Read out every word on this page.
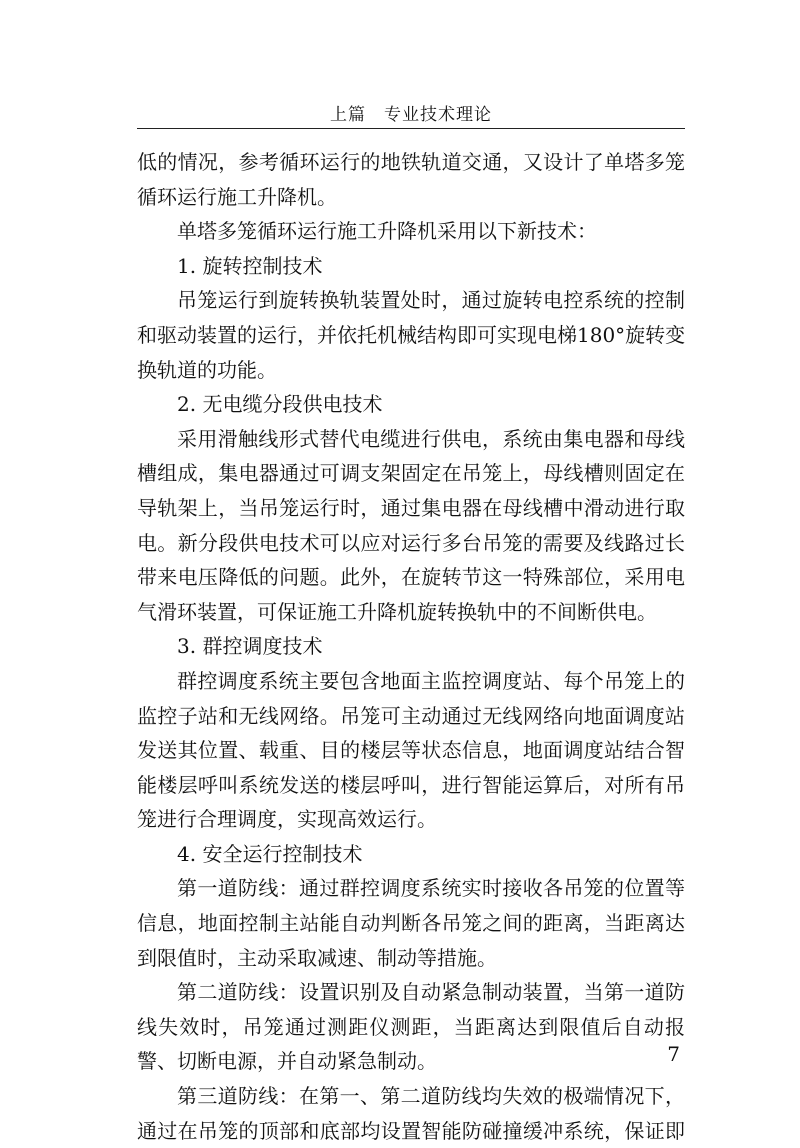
上篇　专业技术理论
低的情况，参考循环运行的地铁轨道交通，又设计了单塔多笼
循环运行施工升降机。
单塔多笼循环运行施工升降机采用以下新技术：
1. 旋转控制技术
吊笼运行到旋转换轨装置处时，通过旋转电控系统的控制
和驱动装置的运行，并依托机械结构即可实现电梯180°旋转变
换轨道的功能。
2. 无电缆分段供电技术
采用滑触线形式替代电缆进行供电，系统由集电器和母线
槽组成，集电器通过可调支架固定在吊笼上，母线槽则固定在
导轨架上，当吊笼运行时，通过集电器在母线槽中滑动进行取
电。新分段供电技术可以应对运行多台吊笼的需要及线路过长
带来电压降低的问题。此外，在旋转节这一特殊部位，采用电
气滑环装置，可保证施工升降机旋转换轨中的不间断供电。
3. 群控调度技术
群控调度系统主要包含地面主监控调度站、每个吊笼上的
监控子站和无线网络。吊笼可主动通过无线网络向地面调度站
发送其位置、载重、目的楼层等状态信息，地面调度站结合智
能楼层呼叫系统发送的楼层呼叫，进行智能运算后，对所有吊
笼进行合理调度，实现高效运行。
4. 安全运行控制技术
第一道防线：通过群控调度系统实时接收各吊笼的位置等
信息，地面控制主站能自动判断各吊笼之间的距离，当距离达
到限值时，主动采取减速、制动等措施。
第二道防线：设置识别及自动紧急制动装置，当第一道防
线失效时，吊笼通过测距仪测距，当距离达到限值后自动报
警、切断电源，并自动紧急制动。
第三道防线：在第一、第二道防线均失效的极端情况下，
通过在吊笼的顶部和底部均设置智能防碰撞缓冲系统，保证即
7
